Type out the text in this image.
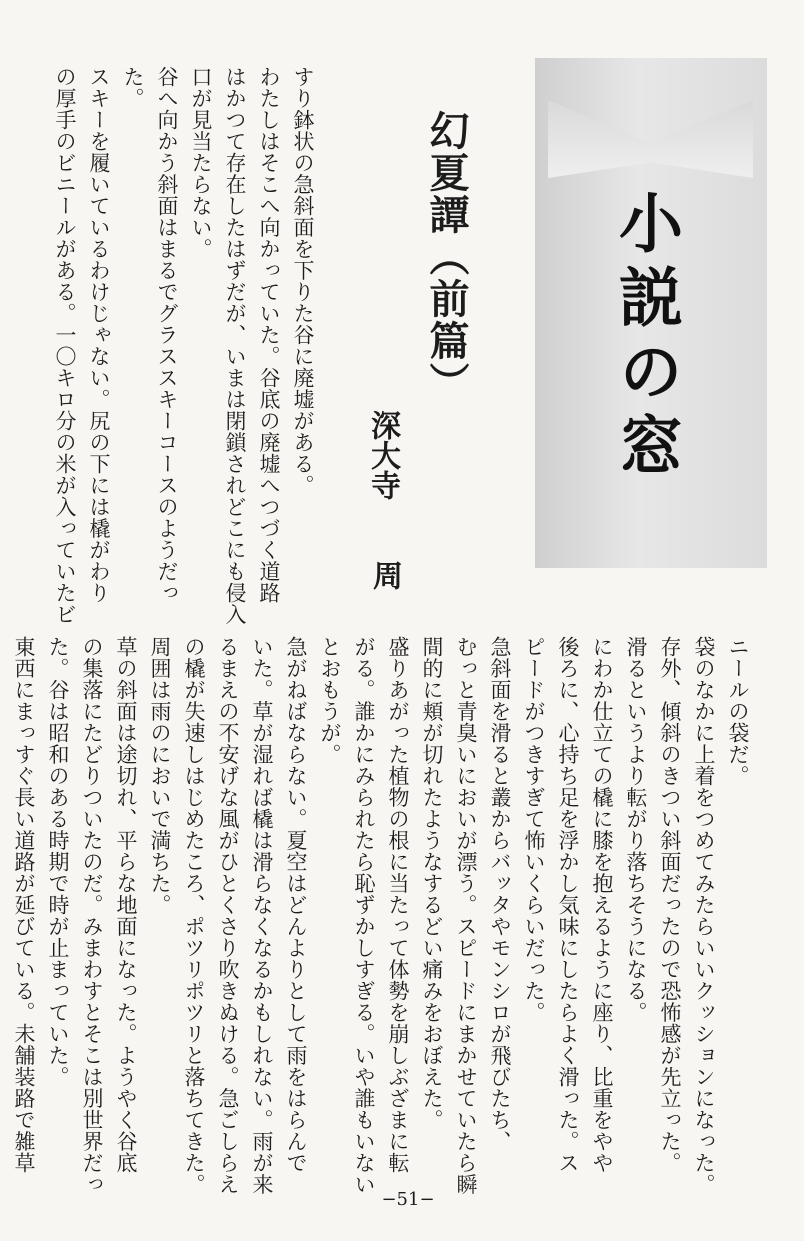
小説の窓
幻夏譚（前篇）
深大寺
周
すり鉢状の急斜面を下りた谷に廃墟がある。
わたしはそこへ向かっていた。谷底の廃墟へつづく道路
はかつて存在したはずだが、いまは閉鎖されどこにも侵入
口が見当たらない。
谷へ向かう斜面はまるでグラススキーコースのようだっ
た。
スキーを履いているわけじゃない。尻の下には橇がわり
の厚手のビニールがある。一〇キロ分の米が入っていたビ
ニールの袋だ。
袋のなかに上着をつめてみたらいいクッションになった。
存外、傾斜のきつい斜面だったので恐怖感が先立った。
滑るというより転がり落ちそうになる。
にわか仕立ての橇に膝を抱えるように座り、比重をやや
後ろに、心持ち足を浮かし気味にしたらよく滑った。ス
ピードがつきすぎて怖いくらいだった。
急斜面を滑ると叢からバッタやモンシロが飛びたち、
むっと青臭いにおいが漂う。スピードにまかせていたら瞬
間的に頬が切れたようなするどい痛みをおぼえた。
盛りあがった植物の根に当たって体勢を崩しぶざまに転
がる。誰かにみられたら恥ずかしすぎる。いや誰もいない
とおもうが。
急がねばならない。夏空はどんよりとして雨をはらんで
いた。草が湿れば橇は滑らなくなるかもしれない。雨が来
るまえの不安げな風がひとくさり吹きぬける。急ごしらえ
の橇が失速しはじめたころ、ポツリポツリと落ちてきた。
周囲は雨のにおいで満ちた。
草の斜面は途切れ、平らな地面になった。ようやく谷底
の集落にたどりついたのだ。みまわすとそこは別世界だっ
た。谷は昭和のある時期で時が止まっていた。
東西にまっすぐ長い道路が延びている。未舗装路で雑草
−51−
